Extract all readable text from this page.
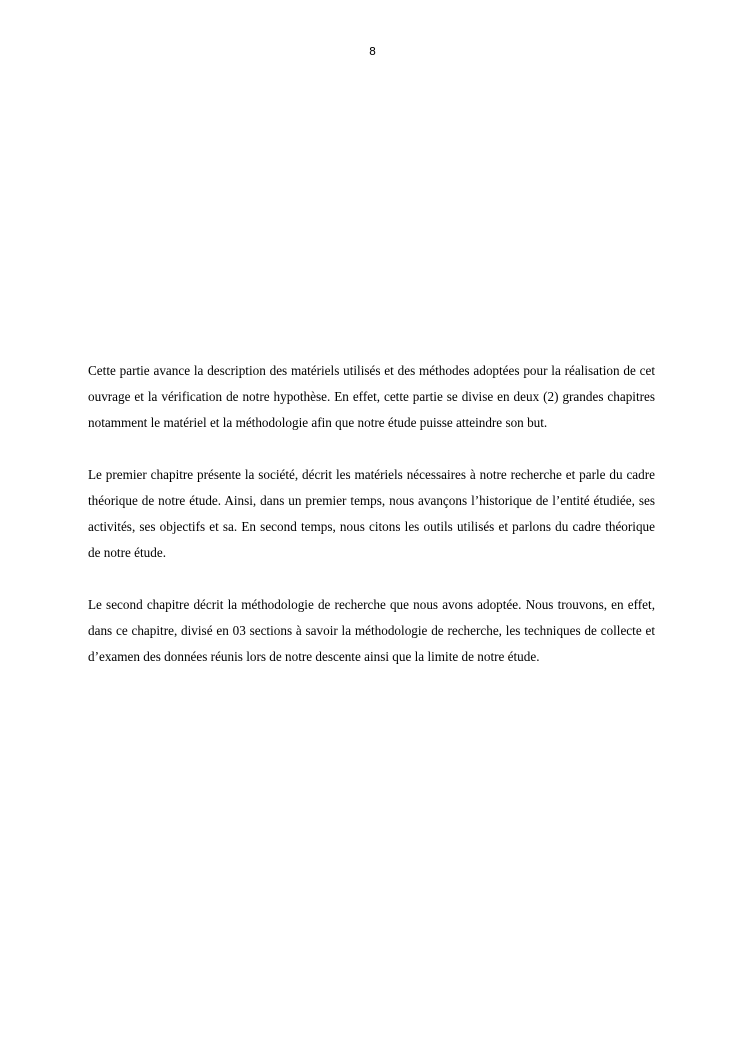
8

Cette partie avance la description des matériels utilisés et des méthodes adoptées pour la réalisation de cet ouvrage et la vérification de notre hypothèse. En effet, cette partie se divise en deux (2) grandes chapitres notamment le matériel et la méthodologie afin que notre étude puisse atteindre son but.

Le premier chapitre présente la société, décrit les matériels nécessaires à notre recherche et parle du cadre théorique de notre étude. Ainsi, dans un premier temps, nous avançons l’historique de l’entité étudiée, ses activités, ses objectifs et sa. En second temps, nous citons les outils utilisés et parlons du cadre théorique de notre étude.

Le second chapitre décrit la méthodologie de recherche que nous avons adoptée. Nous trouvons, en effet, dans ce chapitre, divisé en 03 sections à savoir la méthodologie de recherche, les techniques de collecte et d’examen des données réunis lors de notre descente ainsi que la limite de notre étude.
